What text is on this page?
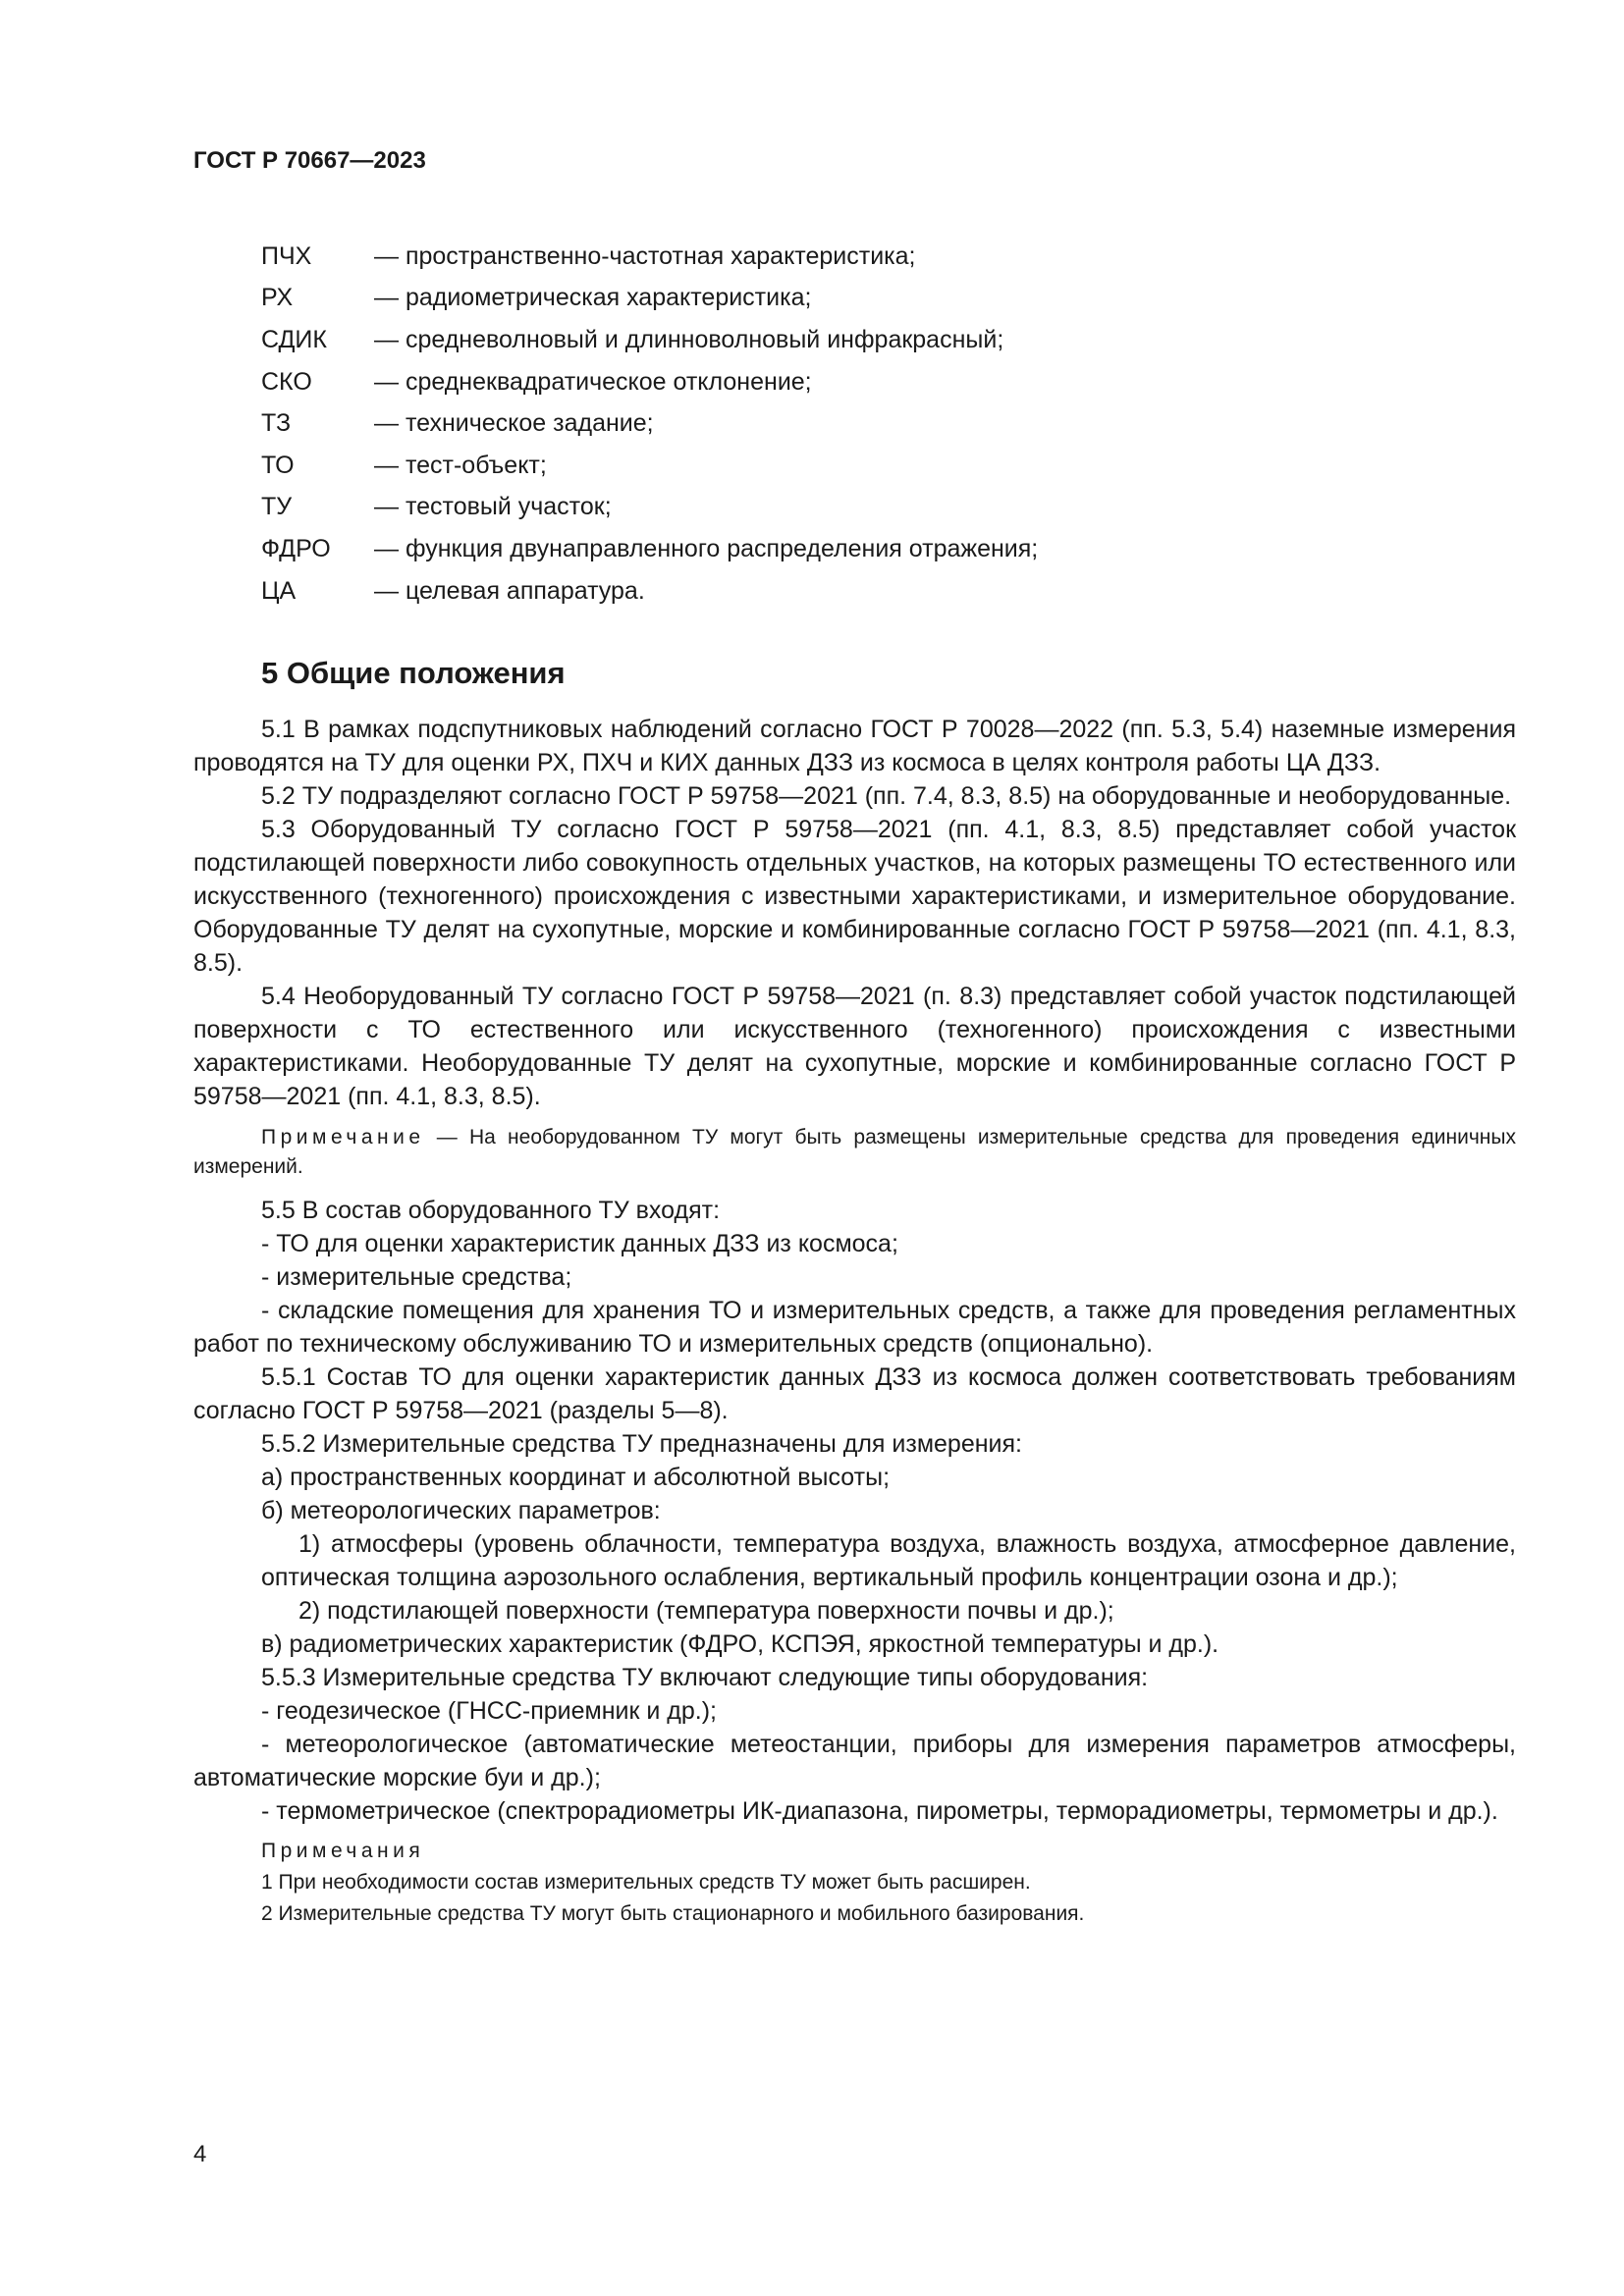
ГОСТ Р 70667—2023
ПЧХ	— пространственно-частотная характеристика;
РХ	— радиометрическая характеристика;
СДИК	— средневолновый и длинноволновый инфракрасный;
СКО	— среднеквадратическое отклонение;
ТЗ	— техническое задание;
ТО	— тест-объект;
ТУ	— тестовый участок;
ФДРО	— функция двунаправленного распределения отражения;
ЦА	— целевая аппаратура.
5 Общие положения

5.1 В рамках подспутниковых наблюдений согласно ГОСТ Р 70028—2022 (пп. 5.3, 5.4) наземные измерения проводятся на ТУ для оценки РХ, ПХЧ и КИХ данных ДЗЗ из космоса в целях контроля работы ЦА ДЗЗ.

5.2 ТУ подразделяют согласно ГОСТ Р 59758—2021 (пп. 7.4, 8.3, 8.5) на оборудованные и необорудованные.

5.3 Оборудованный ТУ согласно ГОСТ Р 59758—2021 (пп. 4.1, 8.3, 8.5) представляет собой участок подстилающей поверхности либо совокупность отдельных участков, на которых размещены ТО естественного или искусственного (техногенного) происхождения с известными характеристиками, и измерительное оборудование. Оборудованные ТУ делят на сухопутные, морские и комбинированные согласно ГОСТ Р 59758—2021 (пп. 4.1, 8.3, 8.5).

5.4 Необорудованный ТУ согласно ГОСТ Р 59758—2021 (п. 8.3) представляет собой участок подстилающей поверхности с ТО естественного или искусственного (техногенного) происхождения с известными характеристиками. Необорудованные ТУ делят на сухопутные, морские и комбинированные согласно ГОСТ Р 59758—2021 (пп. 4.1, 8.3, 8.5).

Примечание — На необорудованном ТУ могут быть размещены измерительные средства для проведения единичных измерений.

5.5 В состав оборудованного ТУ входят:

- ТО для оценки характеристик данных ДЗЗ из космоса;

- измерительные средства;

- складские помещения для хранения ТО и измерительных средств, а также для проведения регламентных работ по техническому обслуживанию ТО и измерительных средств (опционально).

5.5.1 Состав ТО для оценки характеристик данных ДЗЗ из космоса должен соответствовать требованиям согласно ГОСТ Р 59758—2021 (разделы 5—8).

5.5.2 Измерительные средства ТУ предназначены для измерения:

а) пространственных координат и абсолютной высоты;

б) метеорологических параметров:

1) атмосферы (уровень облачности, температура воздуха, влажность воздуха, атмосферное давление, оптическая толщина аэрозольного ослабления, вертикальный профиль концентрации озона и др.);

2) подстилающей поверхности (температура поверхности почвы и др.);

в) радиометрических характеристик (ФДРО, КСПЭЯ, яркостной температуры и др.).

5.5.3 Измерительные средства ТУ включают следующие типы оборудования:

- геодезическое (ГНСС-приемник и др.);

- метеорологическое (автоматические метеостанции, приборы для измерения параметров атмосферы, автоматические морские буи и др.);

- термометрическое (спектрорадиометры ИК-диапазона, пирометры, терморадиометры, термометры и др.).

Примечания
1 При необходимости состав измерительных средств ТУ может быть расширен.
2 Измерительные средства ТУ могут быть стационарного и мобильного базирования.
4
